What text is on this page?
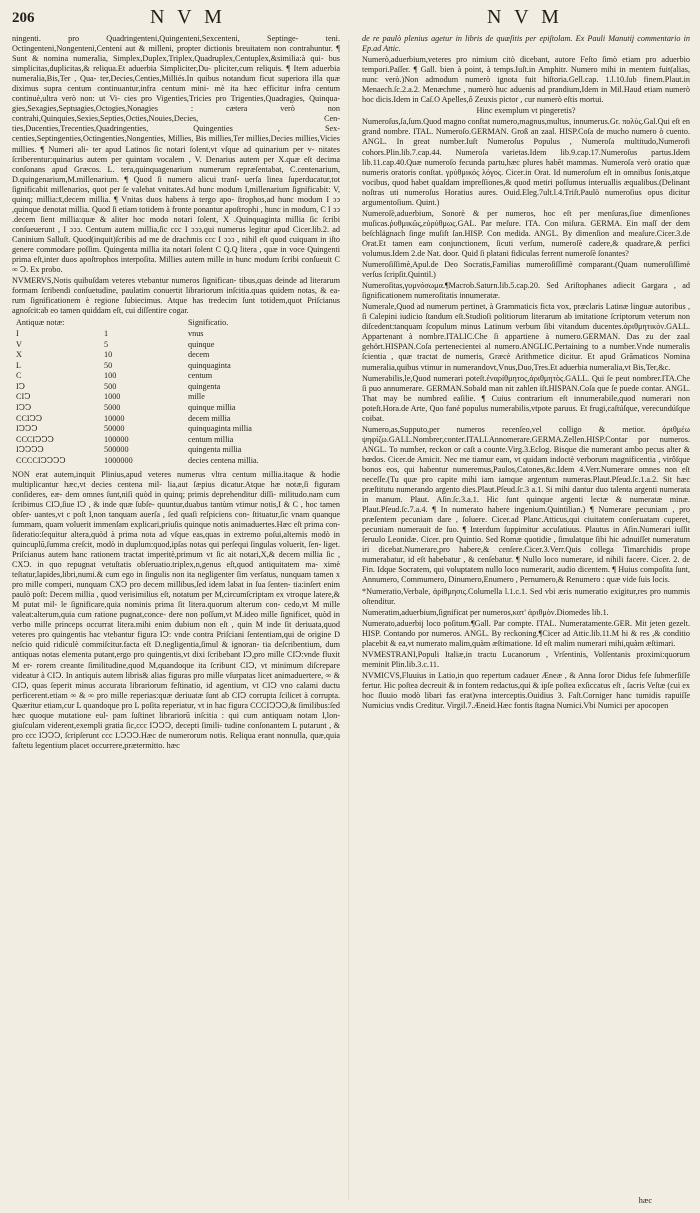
206	N V M	N V M

ningenti. pro Quadringenteni,Quingenteni,Sexcenteni, Septinge- teni. Octingenteni,Nongenteni,Centeni aut & milleni, propter dictionis breuitatem non contrahuntur. ¶ Sunt & nomina numeralia, Simplex,Duplex,Triplex,Quadruplex,Centuplex,&similia:à qui- bus simplicitas,duplicitas,& reliqua.Et aduerbia Simpliciter,Du- pliciter,cum reliquis. ¶ Item aduerbia numeralia,Bis,Ter , Qua- ter,Decies,Centies,Milliés.In quibus notandum ficut superiora illa quæ diximus supra centum continuantur,infra centum mini- mè ita hæc efficitur infra centum continuè,ultra verò non: ut Vi- cies pro Vigenties,Tricies pro Trigenties,Quadragies, Quinqua- gies,Sexagies,Septuagies,Octogies,Nonagies : cætera verò non contrahi,Quinquies,Sexies,Septies,Octies,Nouies,Decies, Cen- ties,Ducenties,Trecenties,Quadringenties, Quingenties , Sex- centies,Septingenties,Octingenties,Nongenties, Millies, Bis millies,Ter millies,Decies millies,Vicies millies. ¶ Numeri ali- ter apud Latinos ſic notari ſolent,vt vſque ad quinarium per v- nitates ſcriberentur:quinarius autem per quintam vocalem , V. Denarius autem per X.quæ eſt decima conſonans apud Græcos. L. tera,quinquagenarium numerum repræſentabat, C.centenarium, D.quingenarium,M.millenarium. ¶ Quod ſi numero alicui tranſ- uerſa linea ſuperducatur,tot ſignificabit millenarios, quot per ſe valebat vnitates.Ad hunc modum I,millenarium ſignificabit: V, quinq; millia:x̄,decem millia. ¶ Vnitas duos habens à tergo apo- ſtrophos,ad hunc modum I ↄↄ ,quinque denotat millia. Quod ſi etiam totidem à fronte ponantur apoſtrophi , hunc in modum, C I ↄↄ .decem ſient millia:quæ & aliter hoc modo notari ſolent, X .Quinquaginta millia ſic ſcribi conſueuerunt , I ↄↄↄ. Centum autem millia,ſic ccc I ↄↄↄ,qui numerus legitur apud Cicer.lib.2. ad Caninium Salluſt. Quod(inquit)ſcribis ad me de drachmis ccc I ↄↄↄ , nihil eſt quod cuiquam in iſto genere commodare poſſim. Quingenta millia ita notari ſolent C Q.Q litera , quæ in voce Quingenti prima eſt,inter duos apoſtrophos interpoſita. Millies autem mille in hunc modum ſcribi conſueuit C ∞ Ↄ. Ex probo.

NVMERVS,Notis quibuſdam veteres vtebantur numeros ſignifican- tibus,quas deinde ad literarum formam ſcribendi conſuetudine, paulatim conuertit librariorum inſcitia.quas quidem notas, & ea- rum ſignificationem è regione ſubiecimus. Atque has tredecim ſunt totidem,quot Priſcianus agnoſcit:ab eo tamen quiddam eſt, cui diſſentire cogar.

Antiquæ notæ:		Significatio.
I	1	vnus
V	5	quinque
X	10	decem
L	50	quinquaginta
C	100	centum
IↃ	500	quingenta
CIↃ	1000	mille
IↃↃ	5000	quinque millia
CCIↃↃ	10000	decem millia
IↃↃↃ	50000	quinquaginta millia
CCCIↃↃↃ	100000	centum millia
IↃↃↃↃ	500000	quingenta millia
CCCCIↃↃↃↃ	1000000	decies centena millia.

NON erat autem,inquit Plinius,apud veteres numerus vltra centum millia.itaque & hodie multiplicantur hæc,vt decies centena mil- lia,aut ſæpius dicatur.Atque hæ notæ,ſi figuram conſideres, eæ- dem omnes ſunt,niſi quòd in quinq; primis deprehenditur diſſi- militudo.nam cum ſcribimus CIↃ,ſiue IↃ , & inde quæ ſubſe- quuntur,duabus tantùm vtimur notis,I & C , hoc tamen obſer- uantes,vt c poſt I,non tanquam auerſa , ſed quaſi reſpiciens con- ſtituatur,ſic vnam quanque ſummam, quam voluerit immenſam explicari,priuſis quinque notis animaduertes.Hæc eſt prima con- ſideratio:ſequitur altera,quòd à prima nota ad vſque eas,quas in extremo poſui,alternis modò in quincuplū,ſumma creſcit, modò in duplum:quod,ipſas notas qui perſequi ſingulas voluerit, ſen- liget. Priſcianus autem hanc rationem tractat imperitè,primum vt ſic ait notari,X,& decem millia ſic , CXↃ. in quo repugnat vetuſtatis obſeruatio.triplex,n,genus eſt,quod antiquitatem ma- ximè teſtatur,lapides,libri,numi.& cum ego in ſingulis non ita negligenter ſim verſatus, nunquam tamen x pro mille comperi, nunquam CXↃ pro decem millibus,ſed idem labat in ſua ſenten- tia:inſert enim paulò poſt: Decem millia , quod verisimilius eſt, notatum per M,circumſcriptam ex vtroque latere,& M putat mil- le ſignificare,quia nominis prima ſit litera.quorum alterum con- cedo,vt M mille valeat:alterum,quia cum ratione pugnat,conce- dere non poſſum,vt M.ideo mille ſignificet, quòd in verbo mille princeps occurrat litera.mihi enim dubium non eſt , quin M inde ſit deriuata,quod veteres pro quingentis hac vtebantur figura IↃ: vnde contra Priſciani ſententiam,qui de origine D neſcio quid ridiculè commiſcitur.facta eſt D.negligentia,ſimul & ignoran- tia deſcribentium, dum antiquas notas elementa putant,ergo pro quingentis,vt dixi ſcribebant IↃ,pro mille CIↃ:vnde fluxit M er- rorem creante ſimilitudine,quod M,quandoque ita ſcribunt CIↃ, vt minimum diſcrepare videatur à CIↃ. In antiquis autem libris& alias figuras pro mille vſurpatas licet animaduertere, ∞ & CIↃ, quas ſeperit minus accurata librariorum feſtinatio, id agentium, vt CIↃ vno calami ductu perficerent.etiam ∞ & ∞ pro mille reperias:quæ deriuatæ ſunt ab CIↃ corrupta ſcilicet à corrupta. Quæritur etiam,cur L quandoque pro L poſita reperiatur, vt in hac figura CCCIↃↃↃ,& ſimilibus:ſed hæc quoque mutatione eul- pam ſuſtinet librariorū inſcitia : qui cum antiquam notam I,lon- giuſculam viderent,exempli gratia ſic,ccc IↃↃↃ, decepti ſimili- tudine conſonantem L putarunt , & pro ccc IↃↃↃ, ſcripſerunt ccc LↃↃↃ.Hæc de numerorum notis. Reliqua erant nonnulla, quæ,quia faſtetu legentium placet occurrere,prætermitto. hæc

de re paulò plenius agetur in libris de quæſitis per epiſtolam. Ex Pauli Manutij commentario in Ep.ad Attic.

Numerò,aduerbium,veteres pro nimium citò dicebant, autore Feſto ſimò etiam pro aduerbio tempori.Paſſer. ¶ Gall. bien à point, à temps.Iuſt.in Amphitr. Numero mihi in mentem fuit(alias, nunc verò.)Non admodum numerò ignota fuit hiſtoria.Gell.cap. 1.l.10.ſub finem.Plaut.in Menaech.ſc.2.a.2. Menæchme , numerò huc aduenis ad prandium,Idem in Mil.Haud etiam numerò hoc dicis.Idem in Caſ.O Apelles,ô Zeuxis pictor , cur numerò eſtis mortui.

Hinc exemplum vt pingeretis?

Numeroſus,ſa,ſum.Quod magno conſtat numero,magnus,multus, innumerus.Gr. πολὺς.Gal.Qui eſt en grand nombre. ITAL. Numeroſo.GERMAN. Groß an zaal. HISP.Coſa de mucho numero ò cuento. ANGL. In great number.Iuſt Numeroſus Populus , Numeroſa multitudo,Numerofi cohors.Plin.lib.7.cap.44. Numeroſa varietas.Idem lib.9.cap.17.Numeroſus partus.Idem lib.11.cap.40.Quæ numeroſo fecunda partu,hæc plures habēt mammas. Numeroſa verò oratio quæ numeris oratoris conſtat. γρύθμικός λόγος. Cicer.in Orat. Id numeroſum eſt in omnibus ſonis,atque vocibus, quod habet quaſdam impreſſiones,& quod metiri poſſumus interuallis æqualibus.(Delinant noſtras uti numeroſus Horatius aures. Ouid.Eleg.7ult.l.4.Triſt.Paulò numeroſius opus dicitur argumentoſium. Quint.)

Numeroſè,aduerbium, Sonorè & per numeros, hoc eſt per menſuras,ſiue dimenſiones muſicas.ῥυθμικῶς,εὐρύθμως.GAL. Par meſure. ITA. Con miſura. GERMA. Ein maſſ der dem beſchlägnach ſinge muſiſt ſan.HISP. Con medida. ANGL. By dimenſion and meaſure.Cicer.3.de Orat.Et tamen eam conjunctionem, ſicuti verſum, numeroſè cadere,& quadrare,& perfici volumus.Idem 2.de Nat. door. Quid ſi platani fidiculas ferrent numeroſè ſonantes?

Numeroſiſſimè,Apul.de Deo Socratis,Familias numeroſiſſimè comparant.(Quam numeroſiſſimè verſus ſcripſit.Quintil.)

Numeroſitas,γυμνόσωμα.¶Macrob.Saturn.lib.5.cap.20. Sed Ariſtophanes adiecit Gargara , ad ſignificationem numeroſitatis innumeratæ.

Numerale,Quod ad numerum pertinet, à Grammaticis ficta vox, præclaris Latinæ linguæ autoribus , ſi Calepini iudicio ſtandum eſt.Studioſi politiorum literarum ab imitatione ſcriptorum veterum non diſcedent:tanquam ſcopulum minus Latinum verbum ſibi vitandum ducentes.ἀριθμητικὸν.GALL. Appartenant à nombre.ITALIC.Che ſi appartiene à numero.GERMAN. Das zu der zaal gehört.HISPAN.Coſa pertenecientei al numero.ANGLIC.Pertaining to a number.Vnde numeralis ſcientia , quæ tractat de numeris, Græcè Arithmetice dicitur. Et apud Grāmaticos Nomina numeralia,quibus vtimur in numerandovt,Vnus,Duo,Tres.Et aduerbia numeralia,vt Bis,Ter,&c.

Numerabilis,le,Quod numerari poteſt.ἐναρίθμητος,ἀριθμητὸς.GALL. Qui ſe peut nombrer.ITA.Che ſi puo annumerare. GERMAN.Sobald man nit zahlen iſt.HISPAN.Coſa que ſe puede contar. ANGL. That may be numbred eaſilie. ¶ Cuius contrarium eſt innumerabile,quod numerari non poteſt.Hora.de Arte, Quo fané populus numerabilis,vtpote paruus. Et frugi,caſtúſque, verecundúſque coibat.

Numero,as,Supputo,per numeros recenſeo,vel colligo & metior. ἀριθμέω ψηφίζω.GALL.Nombrer,conter.ITALI.Annomerare.GERMA.Zellen.HISP.Contar por numeros. ANGL. To number, reckon or caſt a counte.Virg.3.Eclog. Bisque die numerant ambo pecus alter & hœdos. Cicer.de Amicit. Nec me tiamur eam, vt quidam indoctè verborum magnificentia , virôſque bonos eos, qui habentur numeremus,Paulos,Catones,&c.Idem 4.Verr.Numerare omnes non eſt neceſſe.(Tu quæ pro capite mihi iam iamque argentum numeras.Plaut.Pſeud.ſc.1.a.2. Sit hæc præſtitutu numerando argento dies.Plaut.Pſeud.ſc.3 a.1. Si mihi dantur duo talenta argenti numerata in manum. Plaut. Aſin.ſc.3.a.1. Hic ſunt quinque argenti lectæ & numeratæ minæ. Plaut.Pſeud.ſc.7.a.4. ¶ In numerato habere ingenium.Quintilian.) ¶ Numerare pecuniam , pro præſentem pecuniam dare , ſoluere. Cicer.ad Planc.Atticus,qui ciuitatem conſeruatam cuperet, pecuniam numerauit de ſuo. ¶ Interdum ſuppimitur accuſatiuus. Plautus in Aſin.Numerari iuſſit ſeruulo Leonidæ. Cicer. pro Quintio. Sed Romæ quotidie , ſimulatque ſibi hic adnuiſſet numeratum iri dicebat.Numerare,pro habere,& cenſere.Cicer.3.Verr.Quis collega Timarchidis prope numerabatur, id eſt habebatur , & cenſebatur. ¶ Nullo loco numerare, id nihili facere. Cicer. 2. de Fin. Idque Socratem, qui voluptatem nullo loco numerarit, audio dicentem. ¶ Huius compoſita ſunt, Annumero, Commumero, Dinumero,Enumero , Pernumero,& Renumero : quæ vide ſuis locis.

*Numeratio,Verbale, ἀρίθμησις.Columella l.1.c.1. Sed vbi æris numeratio exigitur,res pro nummis oſtenditur.

Numeratim,aduerbium,ſignificat per numeros,κατ' ἀριθμὸν.Diomedes lib.1.

Numerato,aduerbij loco poſitum.¶Gall. Par compte. ITAL. Numeratamente.GER. Mit jeten gezelt. HISP. Contando por numeros. ANGL. By reckoning.¶Cicer ad Attic.lib.11.M hi & res ,& conditio placebit & ea,vt numerato malim,quàm æſtimatione. Id eſt malim numerari mihi,quàm æſtimari.

NVMESTRANI,Populi Italiæ,in tractu Lucanorum , Vrſentinis, Volſentanis proximi:quorum meminit Plin.lib.3.c.11.

NVMICVS,Fluuius in Latio,in quo repertum cadauer Æneæ , & Anna ſoror Didus feſe ſubmerſiſſe fertur. Hic poſtea decreuit & in fontem redactus,qui & ipſe poſtea exſiccatus eſt , ſacris Veſtæ (cui ex hoc ſluuio modò libari fas erat)vna interceptis.Ouidius 3. Faſt.Corniger hanc tumidis rapuiſſe Numicius vndis Creditur. Virgil.7.Æneid.Hæc fontis ſtagna Numici.Vbi Numici per apocopen

hæc
